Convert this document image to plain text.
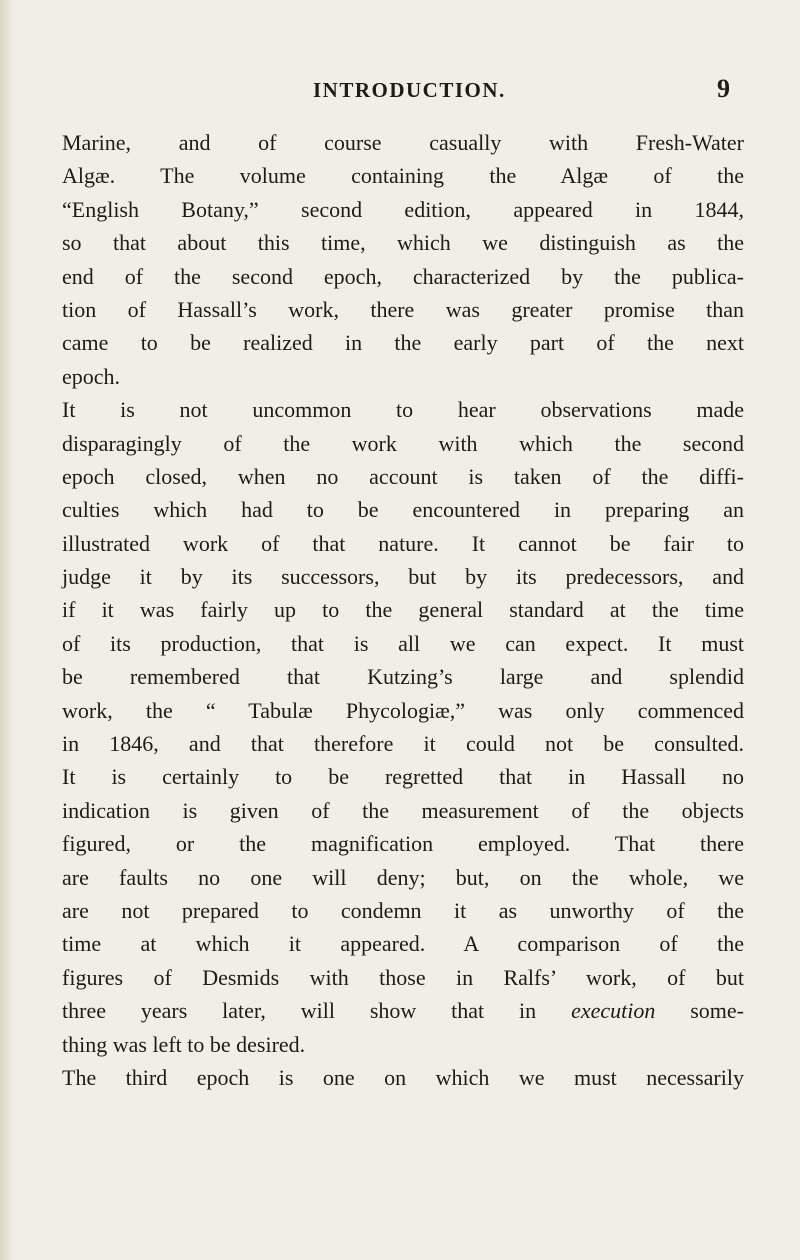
INTRODUCTION.	9
Marine, and of course casually with Fresh-Water
Algæ. The volume containing the Algæ of the
“English Botany,” second edition, appeared in 1844,
so that about this time, which we distinguish as the
end of the second epoch, characterized by the publica-
tion of Hassall’s work, there was greater promise than
came to be realized in the early part of the next
epoch.
It is not uncommon to hear observations made
disparagingly of the work with which the second
epoch closed, when no account is taken of the diffi-
culties which had to be encountered in preparing an
illustrated work of that nature. It cannot be fair to
judge it by its successors, but by its predecessors, and
if it was fairly up to the general standard at the time
of its production, that is all we can expect. It must
be remembered that Kutzing’s large and splendid
work, the “ Tabulæ Phycologiæ,” was only commenced
in 1846, and that therefore it could not be consulted.
It is certainly to be regretted that in Hassall no
indication is given of the measurement of the objects
figured, or the magnification employed. That there
are faults no one will deny; but, on the whole, we
are not prepared to condemn it as unworthy of the
time at which it appeared. A comparison of the
figures of Desmids with those in Ralfs’ work, of but
three years later, will show that in execution some-
thing was left to be desired.
The third epoch is one on which we must necessarily
